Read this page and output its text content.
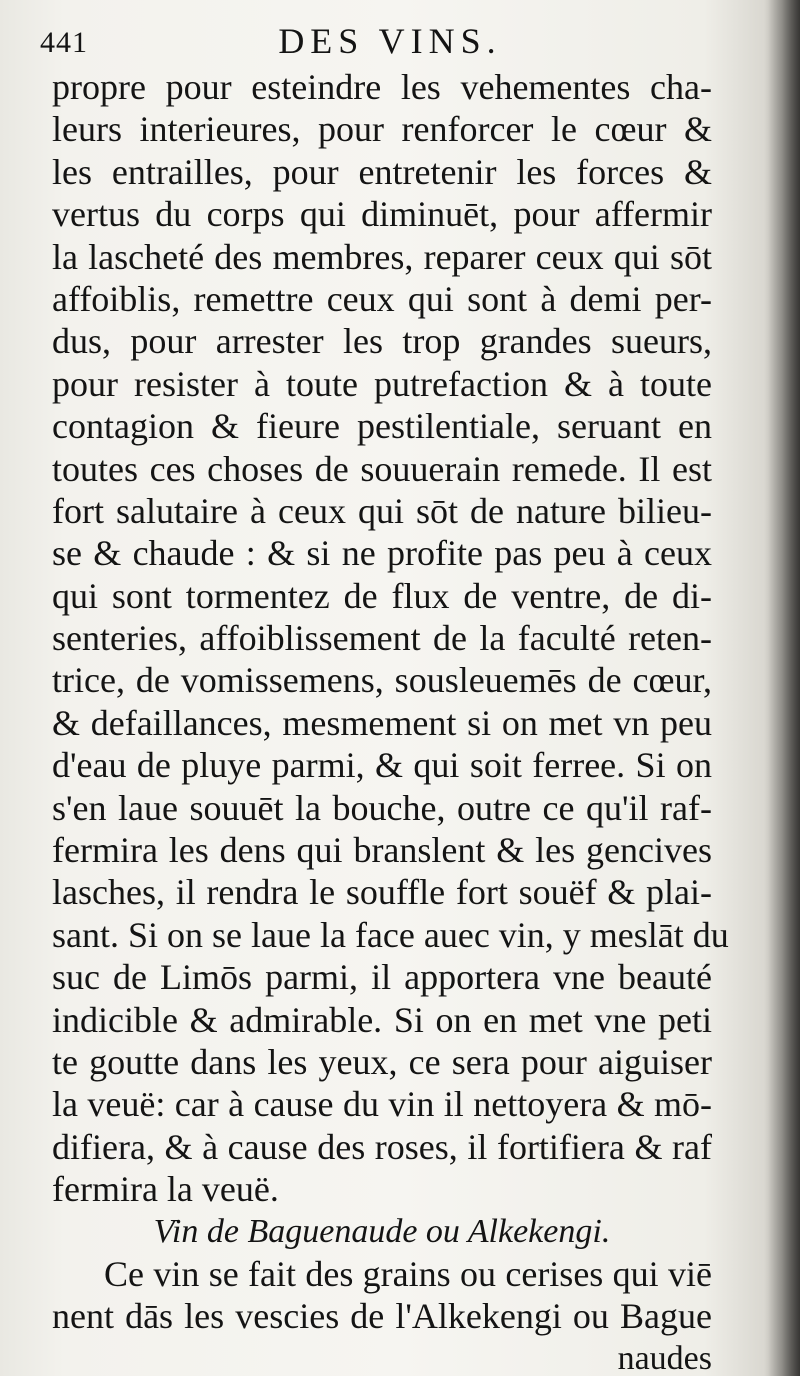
441	DES VINS.
propre pour esteindre les vehementes cha-
leurs interieures, pour renforcer le cœur &
les entrailles, pour entretenir les forces &
vertus du corps qui diminuēt, pour affermir
la lascheté des membres, reparer ceux qui sōt
affoiblis, remettre ceux qui sont à demi per-
dus, pour arrester les trop grandes sueurs,
pour resister à toute putrefaction & à toute
contagion & fieure pestilentiale, seruant en
toutes ces choses de souuerain remede. Il est
fort salutaire à ceux qui sōt de nature bilieu-
se & chaude : & si ne profite pas peu à ceux
qui sont tormentez de flux de ventre, de di-
senteries, affoiblissement de la faculté reten-
trice, de vomissemens, sousleuemēs de cœur,
& defaillances, mesmement si on met vn peu
d'eau de pluye parmi, & qui soit ferree. Si on
s'en laue souuēt la bouche, outre ce qu'il raf-
fermira les dens qui branslent & les gencives
lasches, il rendra le souffle fort souëf & plai-
sant. Si on se laue la face auec vin, y meslāt du
suc de Limōs parmi, il apportera vne beauté
indicible & admirable. Si on en met vne peti
te goutte dans les yeux, ce sera pour aiguiser
la veuë: car à cause du vin il nettoyera & mō-
difiera, & à cause des roses, il fortifiera & raf
fermira la veuë.
Vin de Baguenaude ou Alkekengi.
Ce vin se fait des grains ou cerises qui viē
nent dās les vescies de l'Alkekengi ou Bague
naudes
